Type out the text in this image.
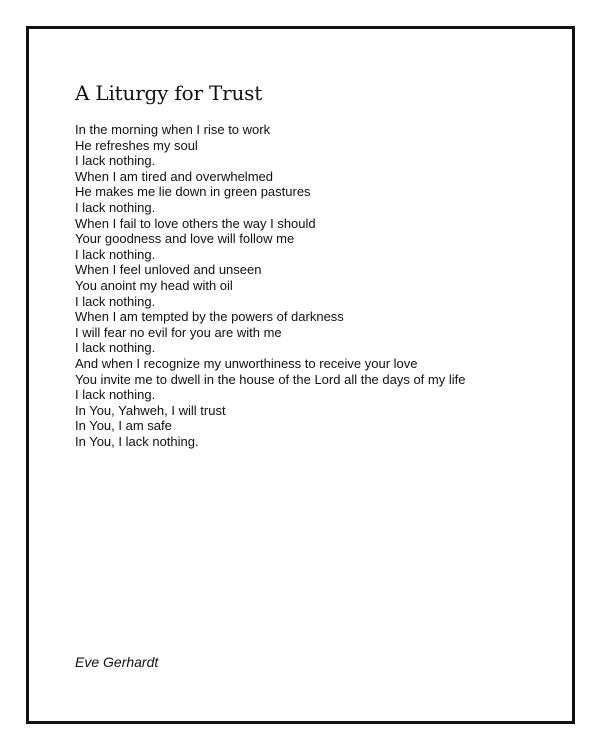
A Liturgy for Trust
In the morning when I rise to work
He refreshes my soul
I lack nothing.
When I am tired and overwhelmed
He makes me lie down in green pastures
I lack nothing.
When I fail to love others the way I should
Your goodness and love will follow me
I lack nothing.
When I feel unloved and unseen
You anoint my head with oil
I lack nothing.
When I am tempted by the powers of darkness
I will fear no evil for you are with me
I lack nothing.
And when I recognize my unworthiness to receive your love
You invite me to dwell in the house of the Lord all the days of my life
I lack nothing.
In You, Yahweh, I will trust
In You, I am safe
In You, I lack nothing.

Eve Gerhardt
